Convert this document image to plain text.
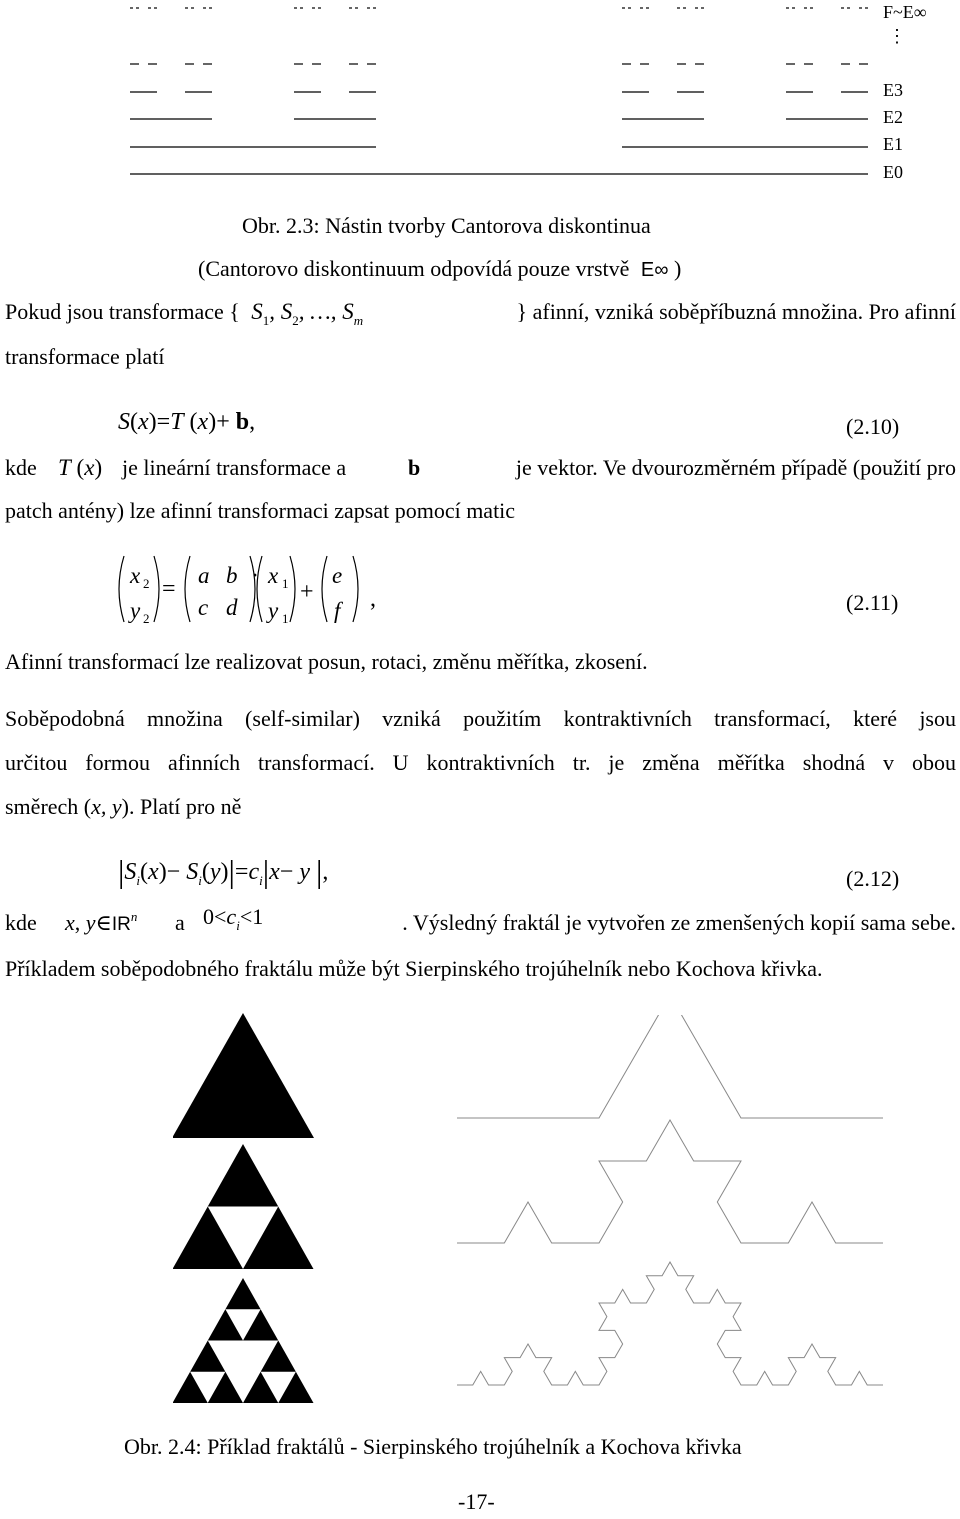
F~E∞
⋮
E3
E2
E1
E0
Obr. 2.3: Nástin tvorby Cantorova diskontinua
(Cantorovo diskontinuum odpovídá pouze vrstvě E∞ )
Pokud jsou transformace { $S_1$, $S_2$, …, $S_m$	} afinní, vzniká soběpříbuzná množina. Pro afinní
transformace platí
S(x)=T (x)+ b,	(2.10)
kde T (x) je lineární transformace a	b	je vektor. Ve dvourozměrném případě (použití pro
patch antény) lze afinní transformaci zapsat pomocí matic
x
y
a b
c d
x
y
e
f
2
2
1
1
=	·
+ ,	(2.11)
Afinní transformací lze realizovat posun, rotaci, změnu měřítka, zkosení.
Soběpodobná množina (self-similar) vzniká použitím kontraktivních transformací, které jsou
určitou formou afinních transformací. U kontraktivních tr. je změna měřítka shodná v obou
směrech (x, y). Platí pro ně
$|S_i(x)- S_i(y)|=c_i|x- y$ |,	(2.12)
kde x, $y\in IR^n$ a $0<c_i<1$	. Výsledný fraktál je vytvořen ze zmenšených kopií sama sebe.
Příkladem soběpodobného fraktálu může být Sierpinského trojúhelník nebo Kochova křivka.
Obr. 2.4: Příklad fraktálů - Sierpinského trojúhelník a Kochova křivka
-17-
